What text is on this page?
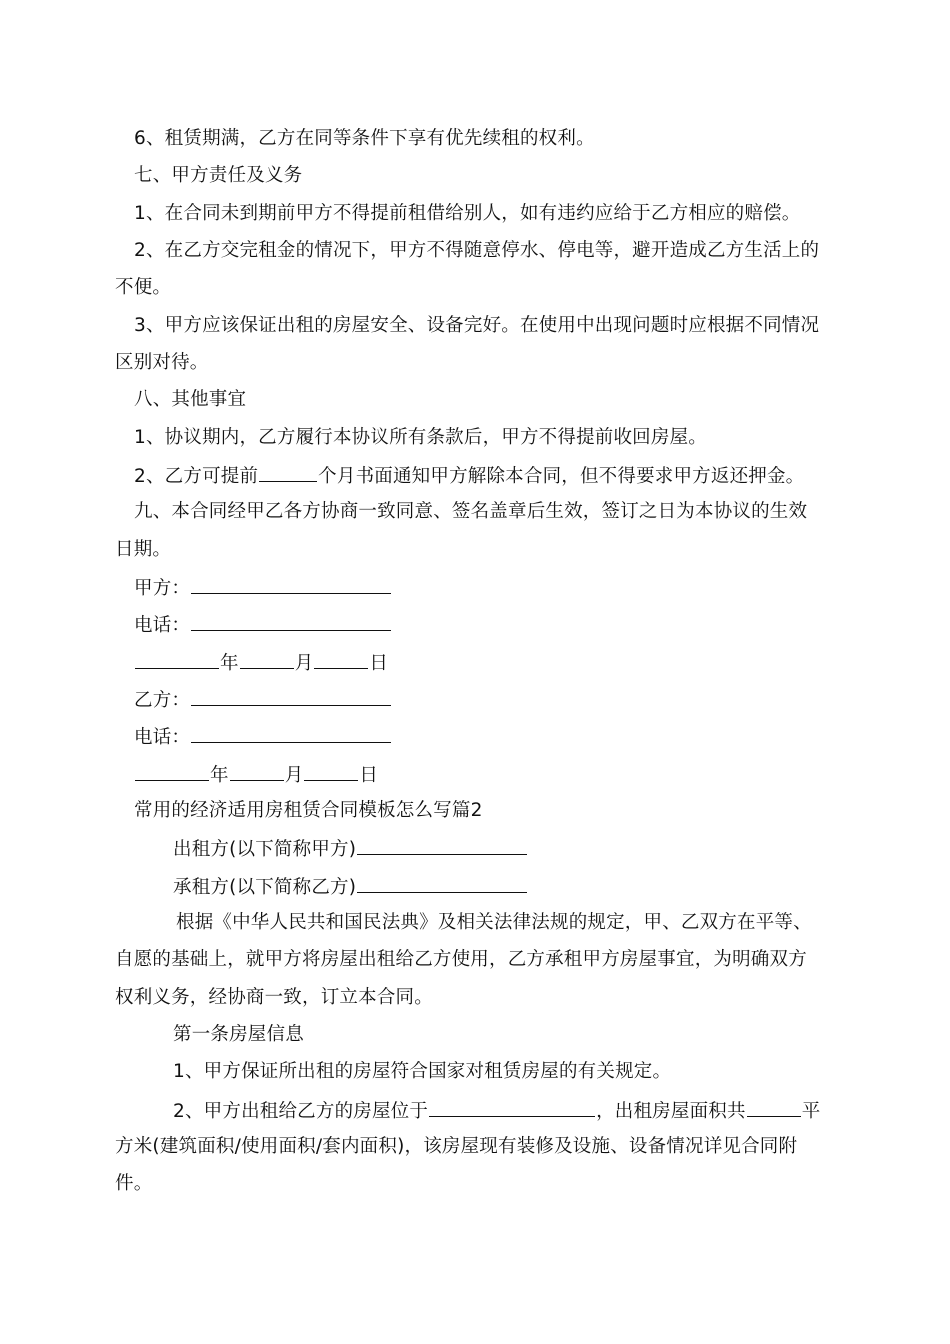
6、租赁期满，乙方在同等条件下享有优先续租的权利。
七、甲方责任及义务
1、在合同未到期前甲方不得提前租借给别人，如有违约应给于乙方相应的赔偿。
2、在乙方交完租金的情况下，甲方不得随意停水、停电等，避开造成乙方生活上的
不便。
3、甲方应该保证出租的房屋安全、设备完好。在使用中出现问题时应根据不同情况
区别对待。
八、其他事宜
1、协议期内，乙方履行本协议所有条款后，甲方不得提前收回房屋。
2、乙方可提前	个月书面通知甲方解除本合同，但不得要求甲方返还押金。
九、本合同经甲乙各方协商一致同意、签名盖章后生效，签订之日为本协议的生效
日期。
甲方：
电话：
年	月	日
乙方：
电话：
年	月	日
常用的经济适用房租赁合同模板怎么写篇2
出租方(以下简称甲方)
承租方(以下简称乙方)
根据《中华人民共和国民法典》及相关法律法规的规定，甲、乙双方在平等、
自愿的基础上，就甲方将房屋出租给乙方使用，乙方承租甲方房屋事宜，为明确双方
权利义务，经协商一致，订立本合同。
第一条房屋信息
1、甲方保证所出租的房屋符合国家对租赁房屋的有关规定。
2、甲方出租给乙方的房屋位于	，出租房屋面积共	平
方米(建筑面积/使用面积/套内面积)，该房屋现有装修及设施、设备情况详见合同附
件。
